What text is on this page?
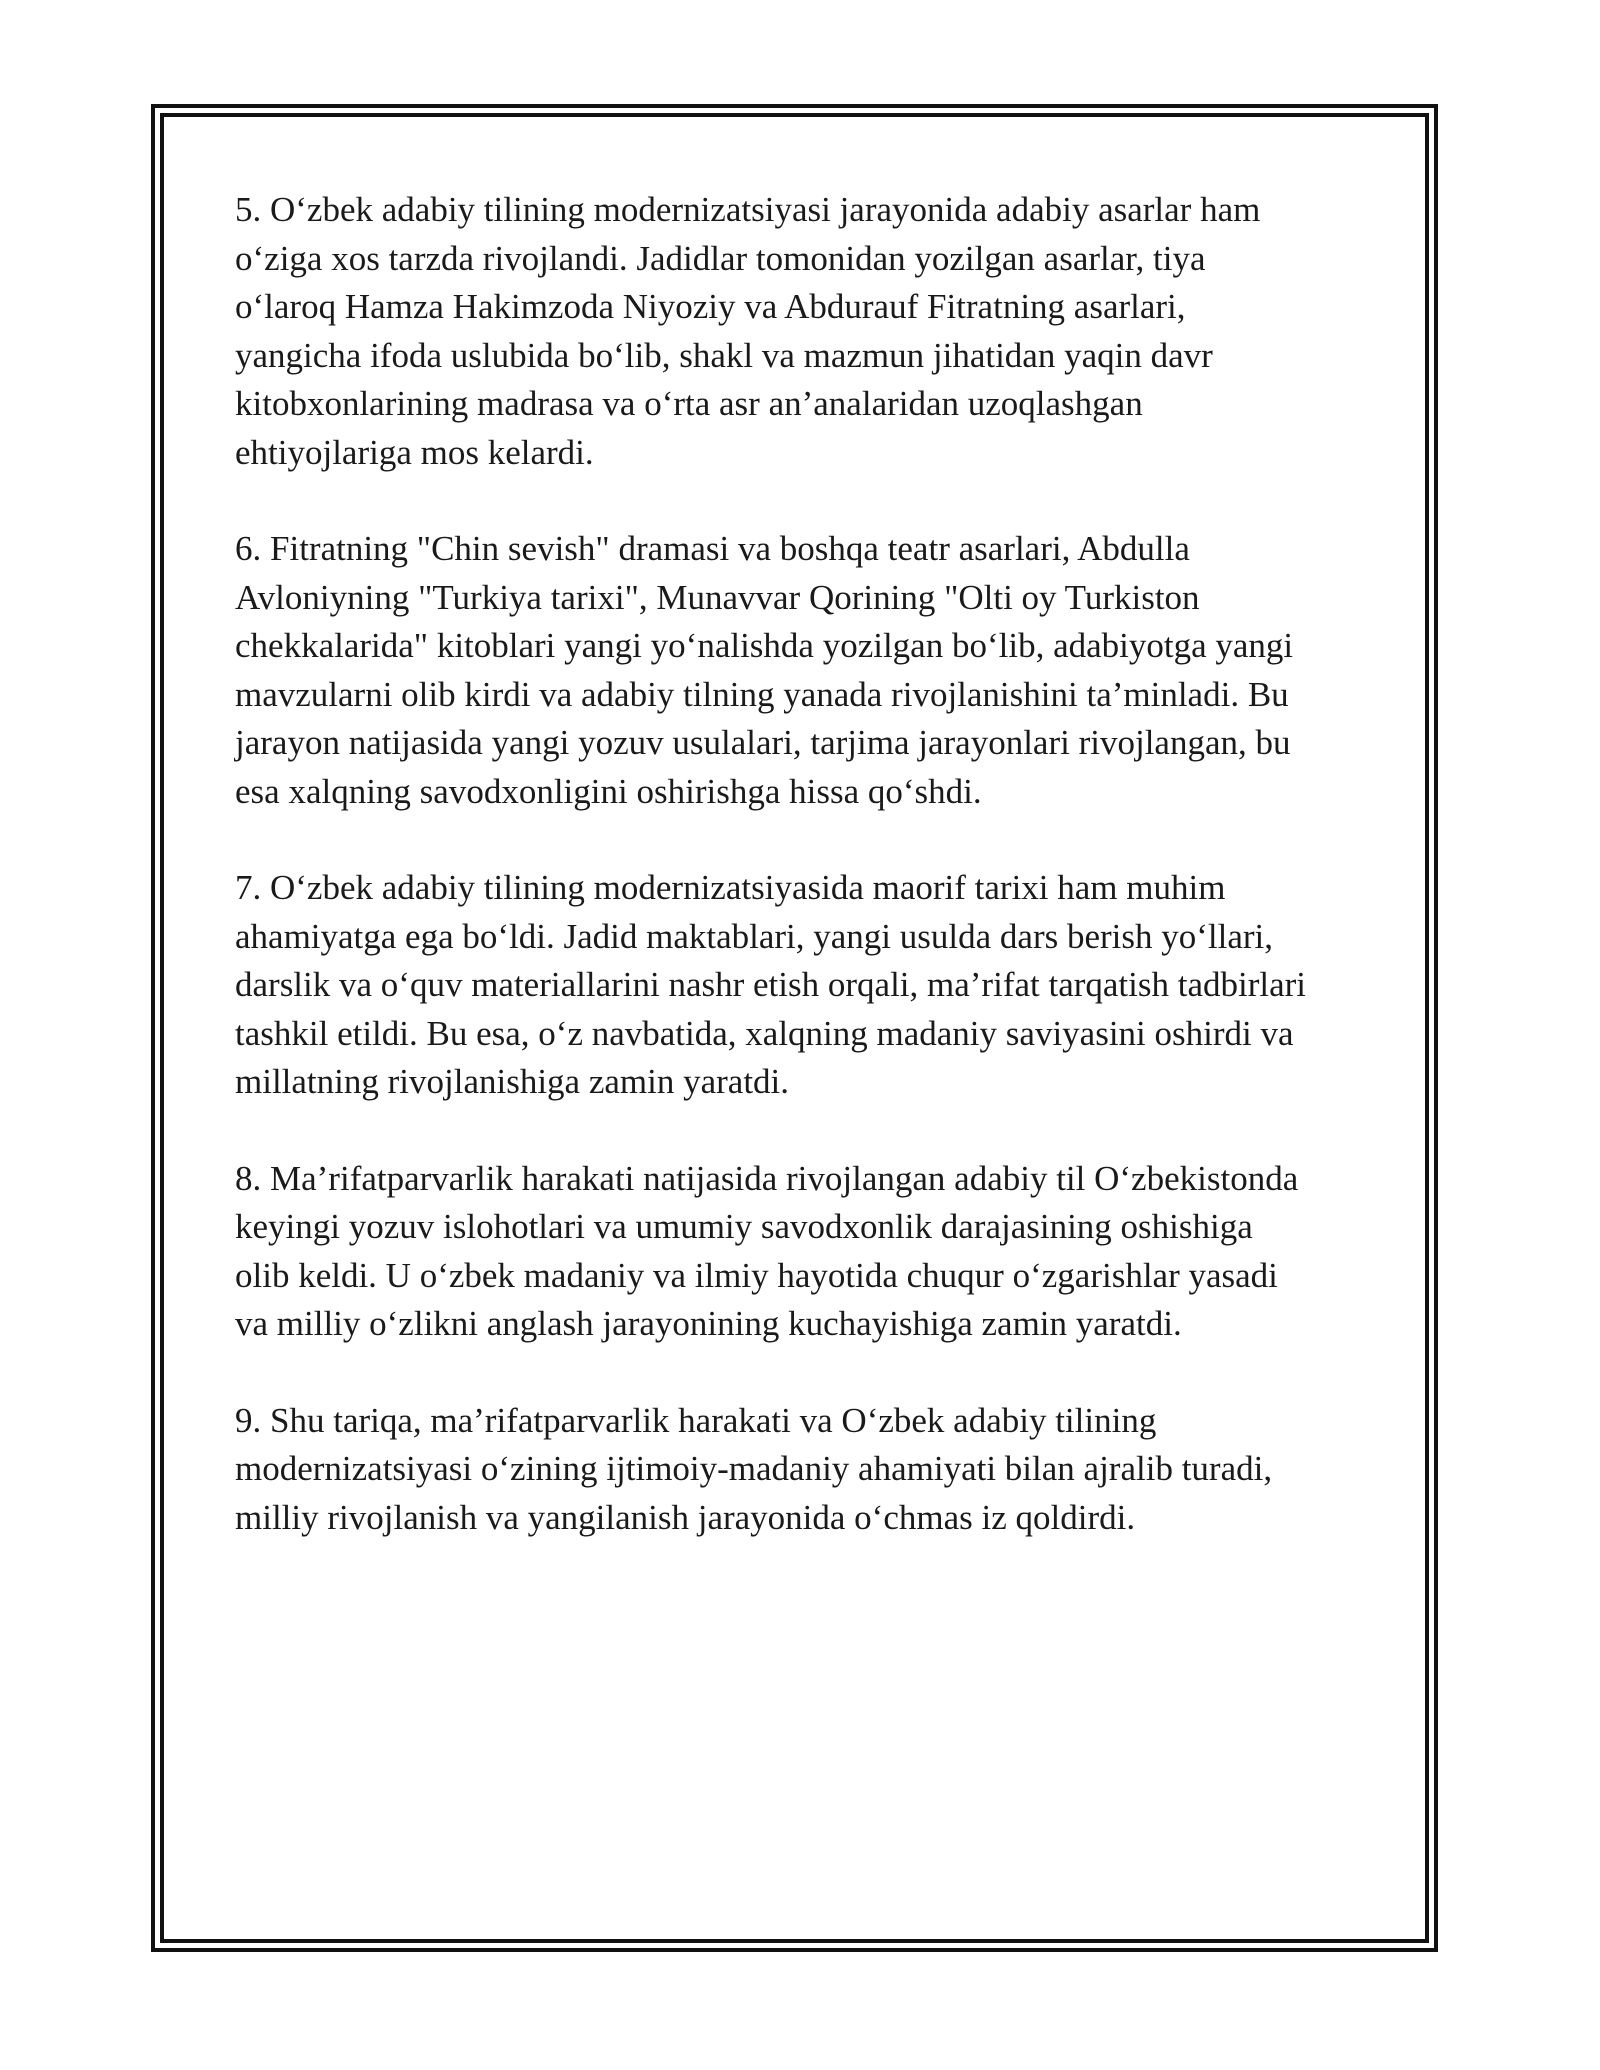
5. O‘zbek adabiy tilining modernizatsiyasi jarayonida adabiy asarlar ham
o‘ziga xos tarzda rivojlandi. Jadidlar tomonidan yozilgan asarlar, tiya
o‘laroq Hamza Hakimzoda Niyoziy va Abdurauf Fitratning asarlari,
yangicha ifoda uslubida bo‘lib, shakl va mazmun jihatidan yaqin davr
kitobxonlarining madrasa va o‘rta asr an’analaridan uzoqlashgan
ehtiyojlariga mos kelardi.

6. Fitratning "Chin sevish" dramasi va boshqa teatr asarlari, Abdulla
Avloniyning "Turkiya tarixi", Munavvar Qorining "Olti oy Turkiston
chekkalarida" kitoblari yangi yo‘nalishda yozilgan bo‘lib, adabiyotga yangi
mavzularni olib kirdi va adabiy tilning yanada rivojlanishini ta’minladi. Bu
jarayon natijasida yangi yozuv usulalari, tarjima jarayonlari rivojlangan, bu
esa xalqning savodxonligini oshirishga hissa qo‘shdi.

7. O‘zbek adabiy tilining modernizatsiyasida maorif tarixi ham muhim
ahamiyatga ega bo‘ldi. Jadid maktablari, yangi usulda dars berish yo‘llari,
darslik va o‘quv materiallarini nashr etish orqali, ma’rifat tarqatish tadbirlari
tashkil etildi. Bu esa, o‘z navbatida, xalqning madaniy saviyasini oshirdi va
millatning rivojlanishiga zamin yaratdi.

8. Ma’rifatparvarlik harakati natijasida rivojlangan adabiy til O‘zbekistonda
keyingi yozuv islohotlari va umumiy savodxonlik darajasining oshishiga
olib keldi. U o‘zbek madaniy va ilmiy hayotida chuqur o‘zgarishlar yasadi
va milliy o‘zlikni anglash jarayonining kuchayishiga zamin yaratdi.

9. Shu tariqa, ma’rifatparvarlik harakati va O‘zbek adabiy tilining
modernizatsiyasi o‘zining ijtimoiy-madaniy ahamiyati bilan ajralib turadi,
milliy rivojlanish va yangilanish jarayonida o‘chmas iz qoldirdi.
